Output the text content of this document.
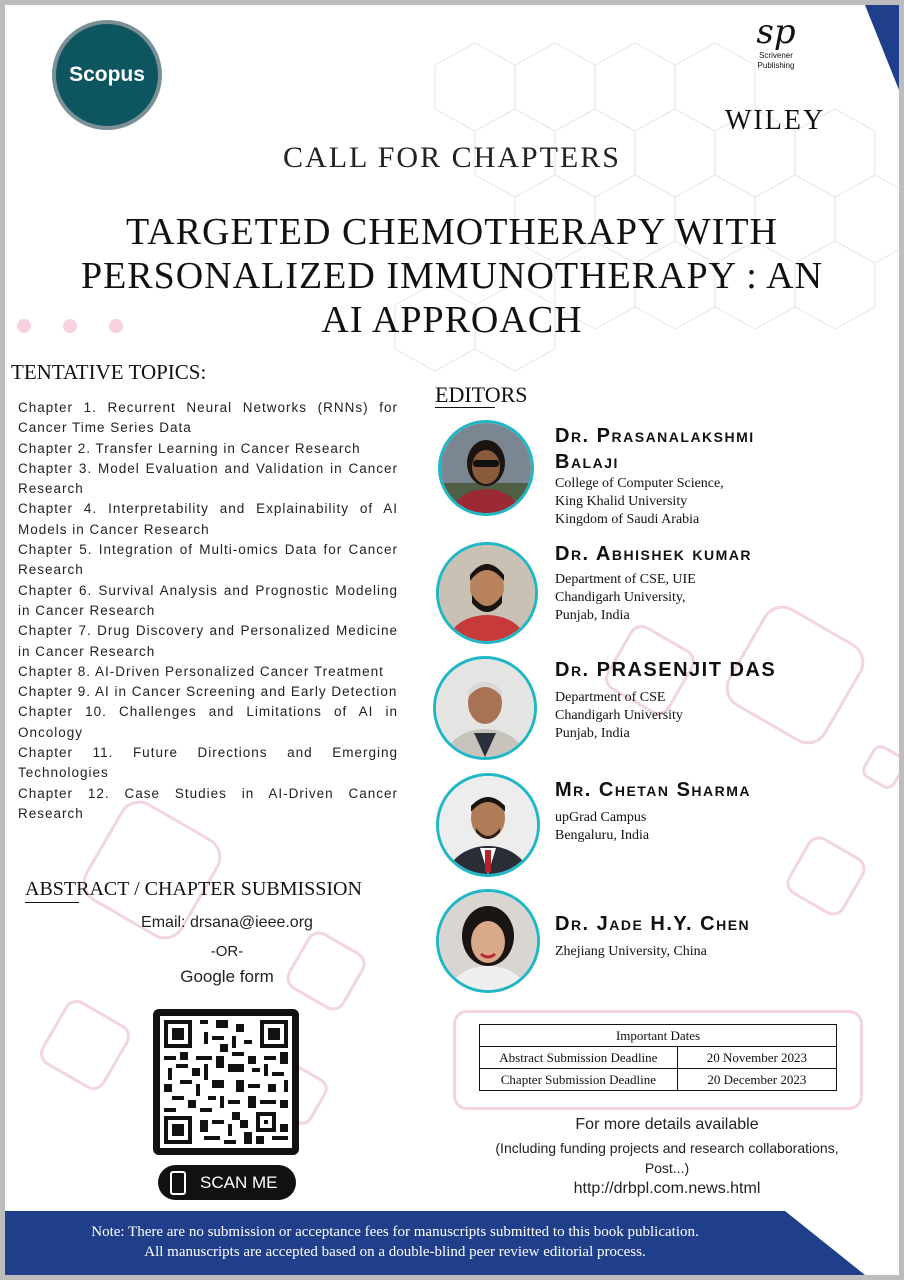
Scopus
sp
Scrivener
Publishing
WILEY
CALL FOR CHAPTERS
TARGETED CHEMOTHERAPY WITH
PERSONALIZED IMMUNOTHERAPY : AN
AI APPROACH
TENTATIVE TOPICS:
Chapter 1. Recurrent Neural Networks (RNNs) for Cancer Time Series Data
Chapter 2. Transfer Learning in Cancer Research
Chapter 3. Model Evaluation and Validation in Cancer Research
Chapter 4. Interpretability and Explainability of AI Models in Cancer Research
Chapter 5. Integration of Multi-omics Data for Cancer Research
Chapter 6. Survival Analysis and Prognostic Modeling in Cancer Research
Chapter 7. Drug Discovery and Personalized Medicine in Cancer Research
Chapter 8. AI-Driven Personalized Cancer Treatment
Chapter 9. AI in Cancer Screening and Early Detection
Chapter 10. Challenges and Limitations of AI in Oncology
Chapter 11. Future Directions and Emerging Technologies
Chapter 12. Case Studies in AI-Driven Cancer Research
ABSTRACT / CHAPTER SUBMISSION
Email: drsana@ieee.org
-OR-
Google form
SCAN ME
EDITORS
Dr. Prasanalakshmi
Balaji
College of Computer Science,
King Khalid University
Kingdom of Saudi Arabia
Dr. Abhishek kumar
Department of CSE, UIE
Chandigarh University,
Punjab, India
Dr. PRASENJIT DAS
Department of CSE
Chandigarh University
Punjab, India
Mr. Chetan Sharma
upGrad Campus
Bengaluru, India
Dr. Jade H.Y. Chen
Zhejiang University, China
Important Dates	
Abstract Submission Deadline	20 November 2023
Chapter Submission Deadline	20 December 2023
For more details available
(Including funding projects and research collaborations, Post...)
http://drbpl.com.news.html
Note: There are no submission or acceptance fees for manuscripts submitted to this book publication.
All manuscripts are accepted based on a double-blind peer review editorial process.
